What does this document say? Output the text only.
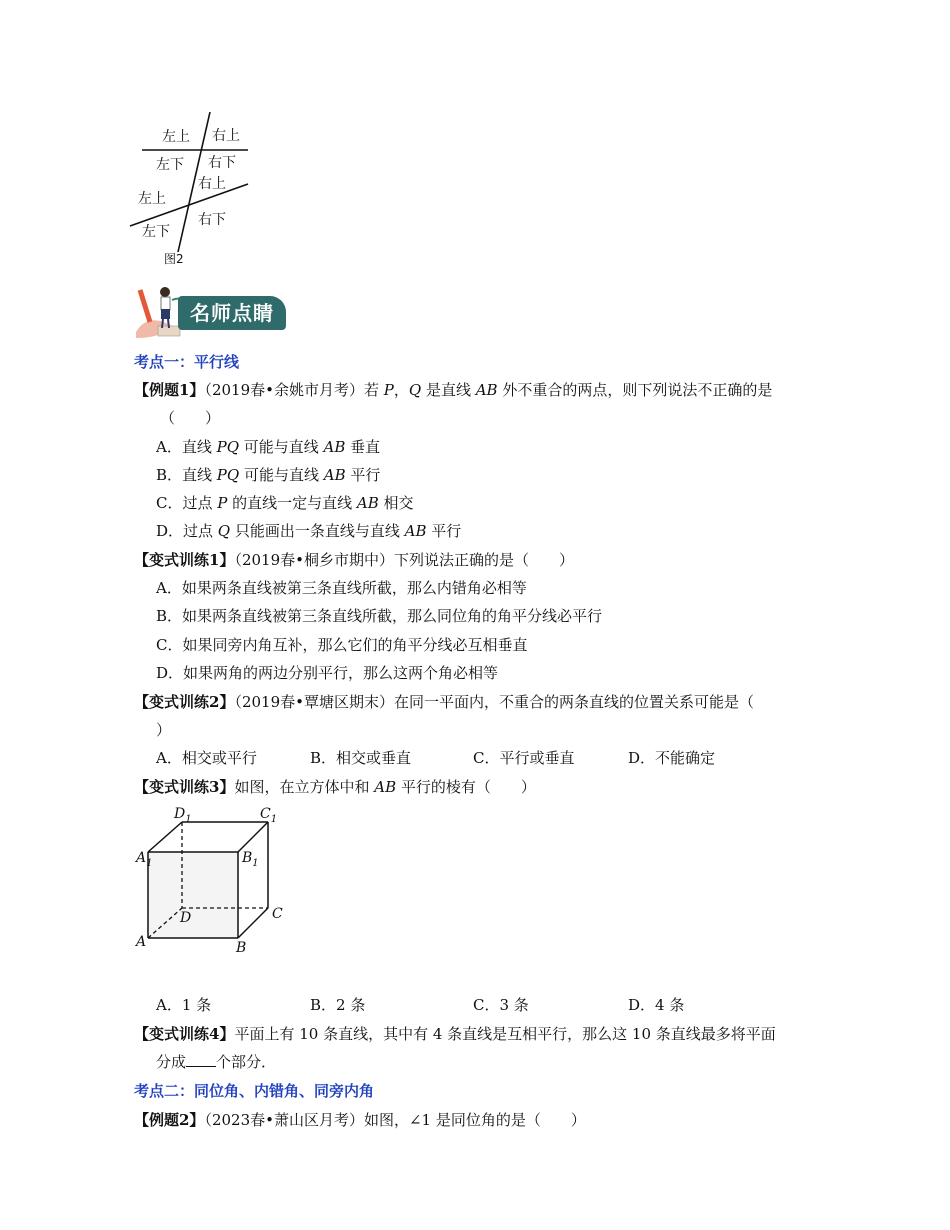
左上 右上
左下 右下
左上
右上
左下
右下
图2
名师点睛
考点一：平行线
【例题1】（2019春•余姚市月考）若 P，Q 是直线 AB 外不重合的两点，则下列说法不正确的是
（　　）
A．直线 PQ 可能与直线 AB 垂直
B．直线 PQ 可能与直线 AB 平行
C．过点 P 的直线一定与直线 AB 相交
D．过点 Q 只能画出一条直线与直线 AB 平行
【变式训练1】（2019春•桐乡市期中）下列说法正确的是（　　）
A．如果两条直线被第三条直线所截，那么内错角必相等
B．如果两条直线被第三条直线所截，那么同位角的角平分线必平行
C．如果同旁内角互补，那么它们的角平分线必互相垂直
D．如果两角的两边分别平行，那么这两个角必相等
【变式训练2】（2019春•覃塘区期末）在同一平面内，不重合的两条直线的位置关系可能是（
）
A．相交或平行	B．相交或垂直	C．平行或垂直	D．不能确定
【变式训练3】如图，在立方体中和 AB 平行的棱有（　　）
$D_1$	$C_1$
$A_1$	$B_1$
D	C
A	B
A．1 条	B．2 条	C．3 条	D．4 条
【变式训练4】平面上有 10 条直线，其中有 4 条直线是互相平行，那么这 10 条直线最多将平面
分成 个部分．
考点二：同位角、内错角、同旁内角
【例题2】（2023春•萧山区月考）如图，∠1 是同位角的是（　　）
